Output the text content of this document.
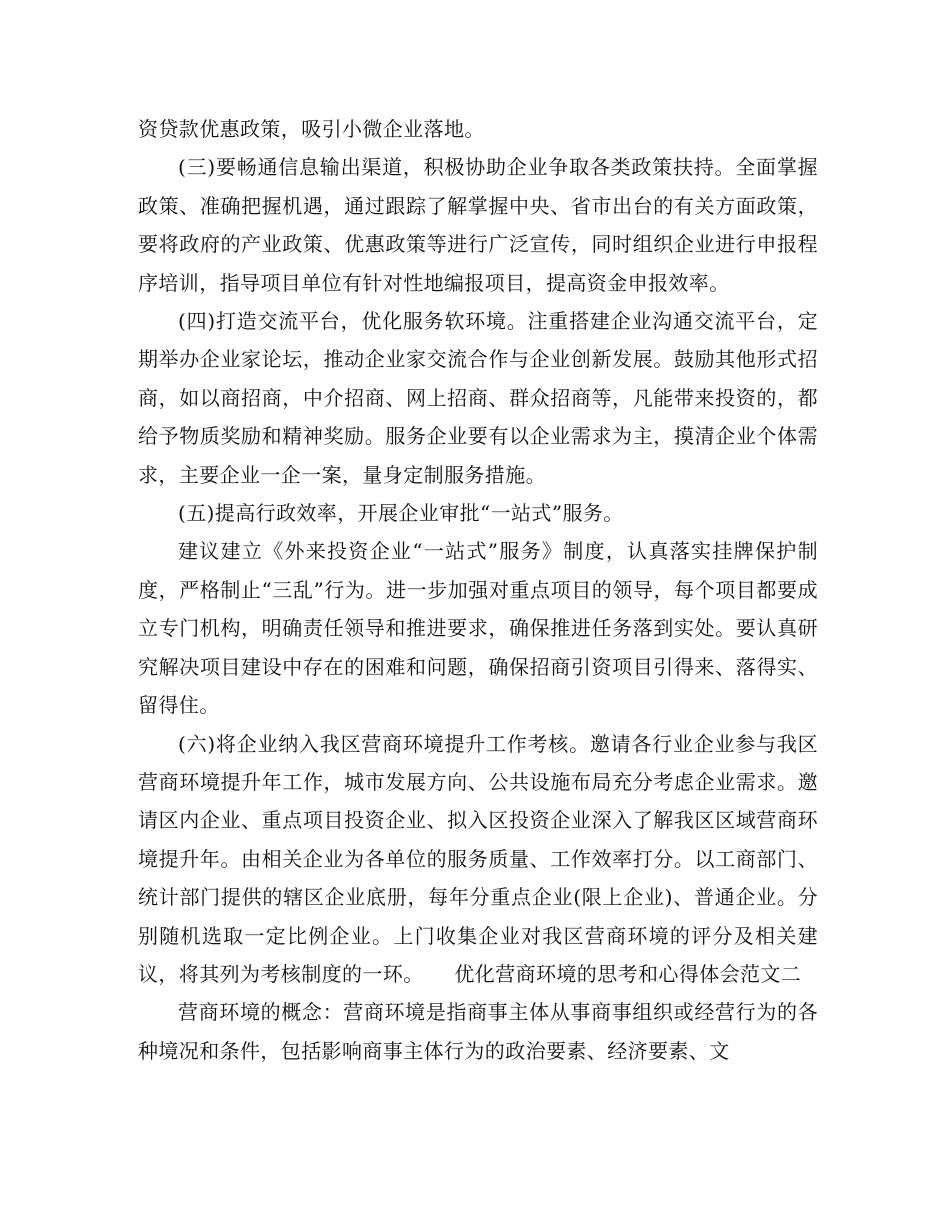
资贷款优惠政策，吸引小微企业落地。

(三)要畅通信息输出渠道，积极协助企业争取各类政策扶持。全面掌握政策、准确把握机遇，通过跟踪了解掌握中央、省市出台的有关方面政策，要将政府的产业政策、优惠政策等进行广泛宣传，同时组织企业进行申报程序培训，指导项目单位有针对性地编报项目，提高资金申报效率。

(四)打造交流平台，优化服务软环境。注重搭建企业沟通交流平台，定期举办企业家论坛，推动企业家交流合作与企业创新发展。鼓励其他形式招商，如以商招商，中介招商、网上招商、群众招商等，凡能带来投资的，都给予物质奖励和精神奖励。服务企业要有以企业需求为主，摸清企业个体需求，主要企业一企一案，量身定制服务措施。

(五)提高行政效率，开展企业审批“一站式”服务。

建议建立《外来投资企业“一站式”服务》制度，认真落实挂牌保护制度，严格制止“三乱”行为。进一步加强对重点项目的领导，每个项目都要成立专门机构，明确责任领导和推进要求，确保推进任务落到实处。要认真研究解决项目建设中存在的困难和问题，确保招商引资项目引得来、落得实、留得住。

(六)将企业纳入我区营商环境提升工作考核。邀请各行业企业参与我区营商环境提升年工作，城市发展方向、公共设施布局充分考虑企业需求。邀请区内企业、重点项目投资企业、拟入区投资企业深入了解我区区域营商环境提升年。由相关企业为各单位的服务质量、工作效率打分。以工商部门、统计部门提供的辖区企业底册，每年分重点企业(限上企业)、普通企业。分别随机选取一定比例企业。上门收集企业对我区营商环境的评分及相关建议，将其列为考核制度的一环。　　优化营商环境的思考和心得体会范文二

营商环境的概念：营商环境是指商事主体从事商事组织或经营行为的各种境况和条件，包括影响商事主体行为的政治要素、经济要素、文
